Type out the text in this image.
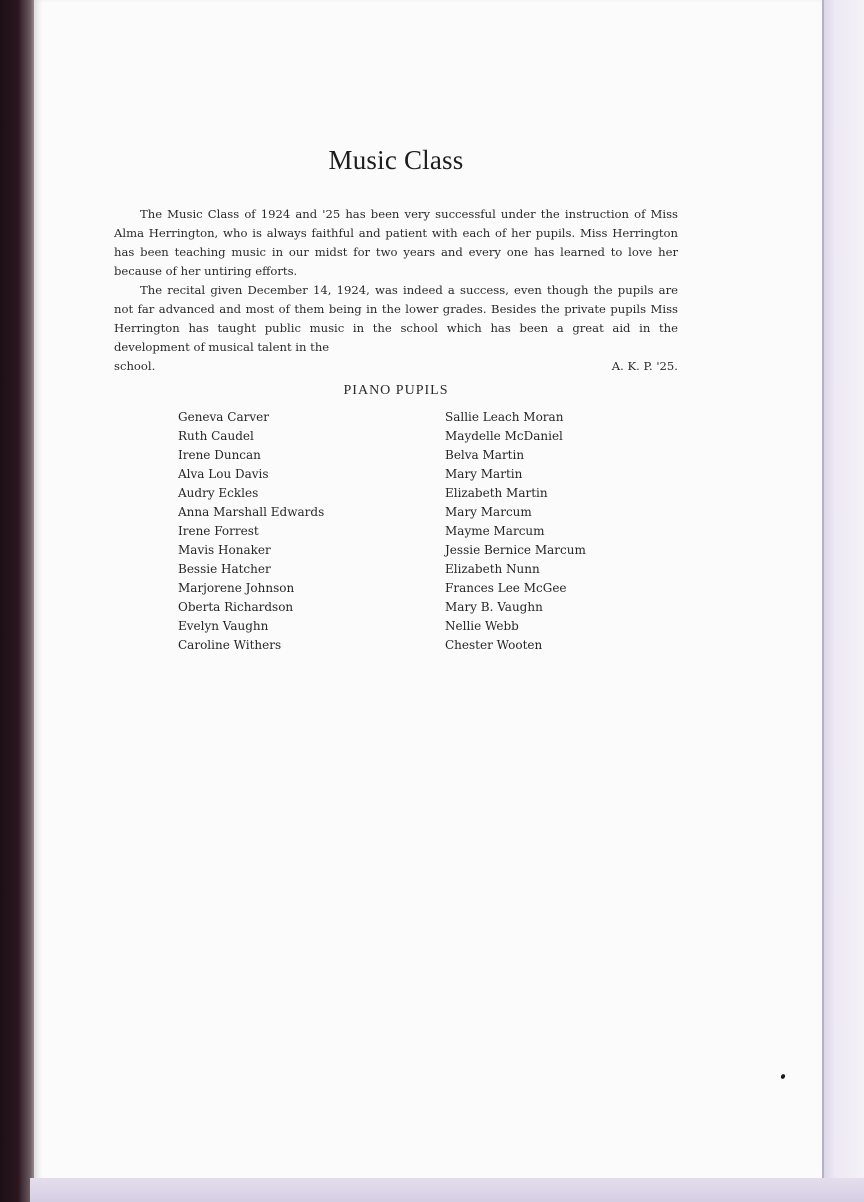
Music Class

The Music Class of 1924 and '25 has been very successful under the instruction of Miss Alma Herrington, who is always faithful and patient with each of her pupils. Miss Herrington has been teaching music in our midst for two years and every one has learned to love her because of her untiring efforts.

The recital given December 14, 1924, was indeed a success, even though the pupils are not far advanced and most of them being in the lower grades. Besides the private pupils Miss Herrington has taught public music in the school which has been a great aid in the development of musical talent in the

school.	A. K. P. '25.

PIANO PUPILS
Geneva Carver
Ruth Caudel
Irene Duncan
Alva Lou Davis
Audry Eckles
Anna Marshall Edwards
Irene Forrest
Mavis Honaker
Bessie Hatcher
Marjorene Johnson
Oberta Richardson
Evelyn Vaughn
Caroline Withers
Sallie Leach Moran
Maydelle McDaniel
Belva Martin
Mary Martin
Elizabeth Martin
Mary Marcum
Mayme Marcum
Jessie Bernice Marcum
Elizabeth Nunn
Frances Lee McGee
Mary B. Vaughn
Nellie Webb
Chester Wooten
